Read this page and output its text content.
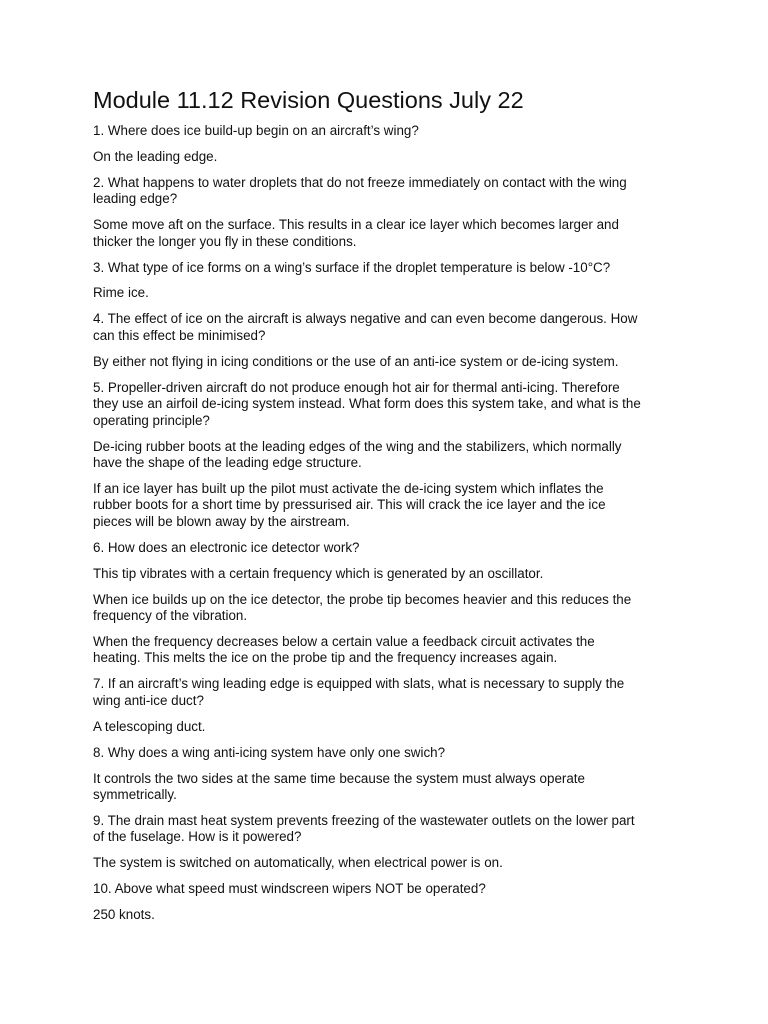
Module 11.12 Revision Questions July 22

1. Where does ice build-up begin on an aircraft’s wing?

On the leading edge.

2. What happens to water droplets that do not freeze immediately on contact with the wing
leading edge?

Some move aft on the surface. This results in a clear ice layer which becomes larger and
thicker the longer you fly in these conditions.

3. What type of ice forms on a wing’s surface if the droplet temperature is below -10°C?

Rime ice.

4. The effect of ice on the aircraft is always negative and can even become dangerous. How
can this effect be minimised?

By either not flying in icing conditions or the use of an anti-ice system or de-icing system.

5. Propeller-driven aircraft do not produce enough hot air for thermal anti-icing. Therefore
they use an airfoil de-icing system instead. What form does this system take, and what is the
operating principle?

De-icing rubber boots at the leading edges of the wing and the stabilizers, which normally
have the shape of the leading edge structure.

If an ice layer has built up the pilot must activate the de-icing system which inflates the
rubber boots for a short time by pressurised air. This will crack the ice layer and the ice
pieces will be blown away by the airstream.

6. How does an electronic ice detector work?

This tip vibrates with a certain frequency which is generated by an oscillator.

When ice builds up on the ice detector, the probe tip becomes heavier and this reduces the
frequency of the vibration.

When the frequency decreases below a certain value a feedback circuit activates the
heating. This melts the ice on the probe tip and the frequency increases again.

7. If an aircraft’s wing leading edge is equipped with slats, what is necessary to supply the
wing anti-ice duct?

A telescoping duct.

8. Why does a wing anti-icing system have only one swich?

It controls the two sides at the same time because the system must always operate
symmetrically.

9. The drain mast heat system prevents freezing of the wastewater outlets on the lower part
of the fuselage. How is it powered?

The system is switched on automatically, when electrical power is on.

10. Above what speed must windscreen wipers NOT be operated?

250 knots.
